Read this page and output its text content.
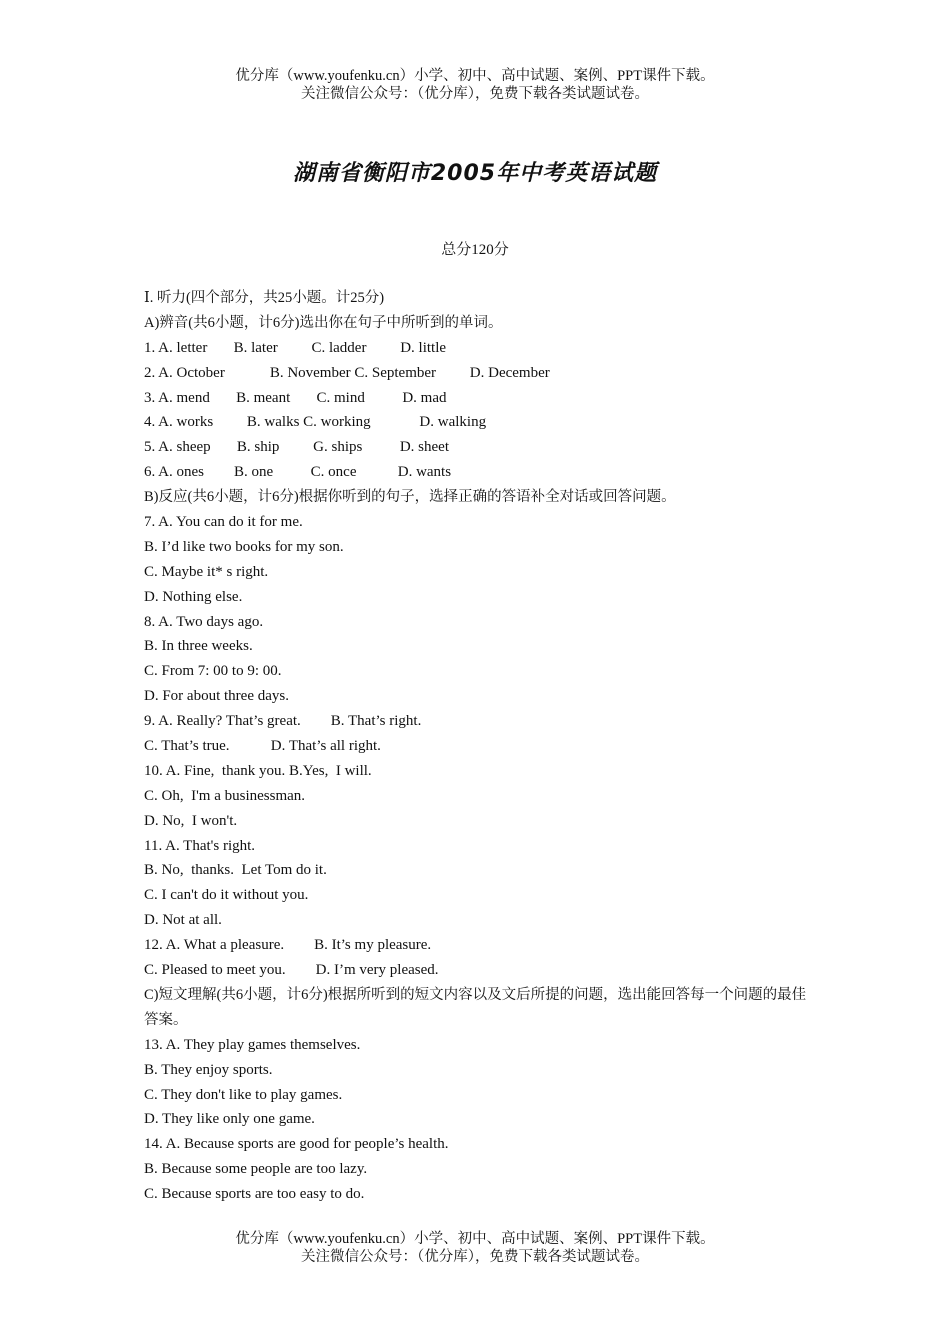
优分库（www.youfenku.cn）小学、初中、高中试题、案例、PPT课件下载。
关注微信公众号：（优分库），免费下载各类试题试卷。
湖南省衡阳市2005年中考英语试题
总分120分
Ⅰ. 听力(四个部分，共25小题。计25分)
A)辨音(共6小题，计6分)选出你在句子中所听到的单词。
1. A. letter       B. later         C. ladder         D. little
2. A. October            B. November C. September         D. December
3. A. mend       B. meant       C. mind          D. mad
4. A. works         B. walks C. working             D. walking
5. A. sheep       B. ship         G. ships          D. sheet
6. A. ones        B. one          C. once           D. wants
B)反应(共6小题，计6分)根据你听到的句子，选择正确的答语补全对话或回答问题。
7. A. You can do it for me.
B. I’d like two books for my son.
C. Maybe it* s right.
D. Nothing else.
8. A. Two days ago.
B. In three weeks.
C. From 7: 00 to 9: 00.
D. For about three days.
9. A. Really? That’s great.        B. That’s right.
C. That’s true.           D. That’s all right.
10. A. Fine,  thank you. B.Yes,  I will.
C. Oh,  I'm a businessman.
D. No,  I won't.
11. A. That's right.
B. No,  thanks.  Let Tom do it.
C. I can't do it without you.
D. Not at all.
12. A. What a pleasure.        B. It’s my pleasure.
C. Pleased to meet you.        D. I’m very pleased.
C)短文理解(共6小题，计6分)根据所听到的短文内容以及文后所提的问题，选出能回答每一个问题的最佳答案。
13. A. They play games themselves.
B. They enjoy sports.
C. They don't like to play games.
D. They like only one game.
14. A. Because sports are good for people’s health.
B. Because some people are too lazy.
C. Because sports are too easy to do.
优分库（www.youfenku.cn）小学、初中、高中试题、案例、PPT课件下载。
关注微信公众号：（优分库），免费下载各类试题试卷。
